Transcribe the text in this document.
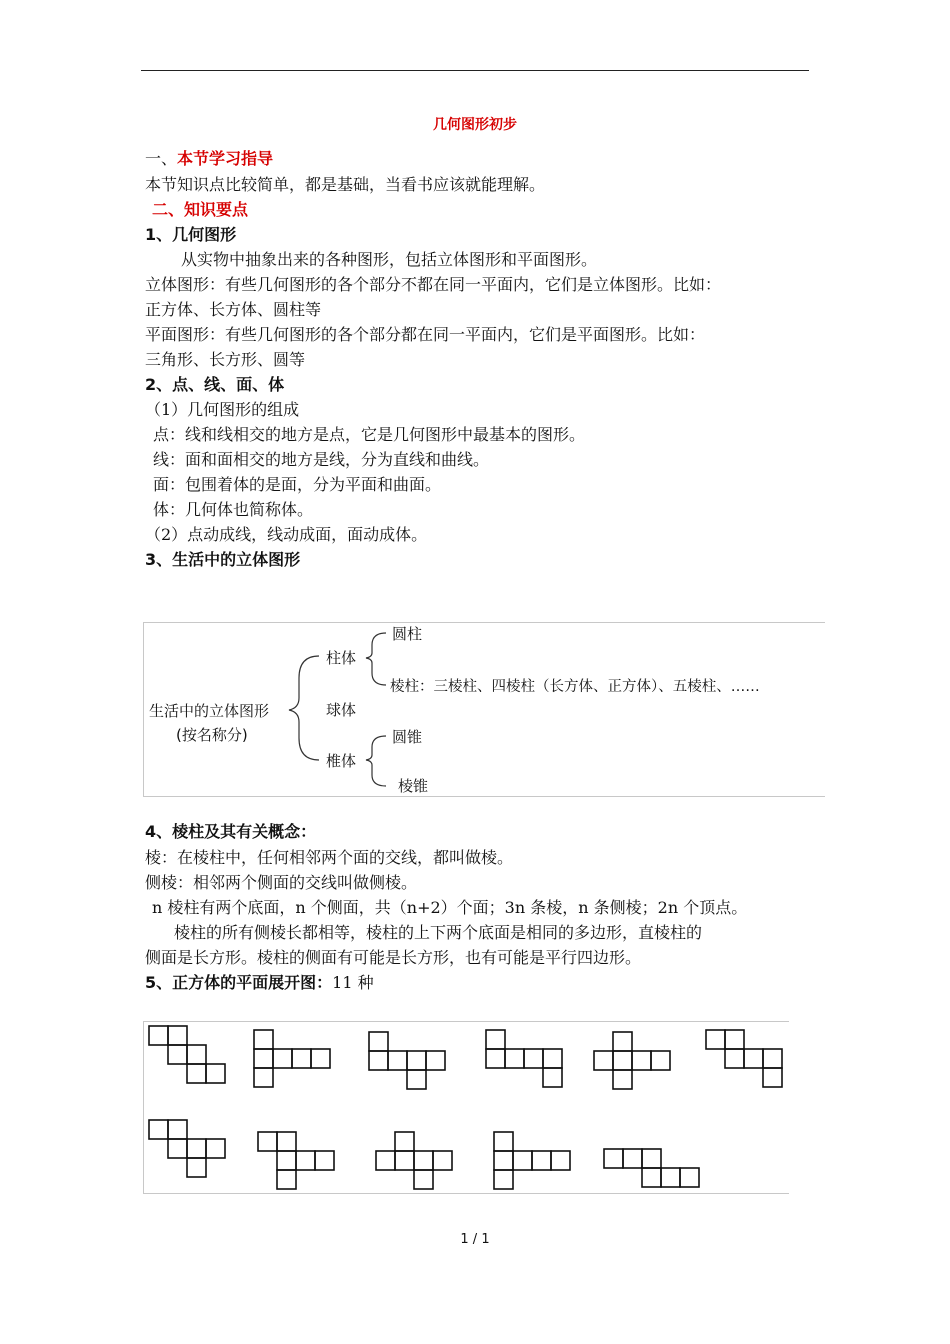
几何图形初步
一、本节学习指导
本节知识点比较简单，都是基础，当看书应该就能理解。
二、知识要点
1、几何图形
从实物中抽象出来的各种图形，包括立体图形和平面图形。
立体图形：有些几何图形的各个部分不都在同一平面内，它们是立体图形。比如：
正方体、长方体、圆柱等
平面图形：有些几何图形的各个部分都在同一平面内，它们是平面图形。比如：
三角形、长方形、圆等
2、点、线、面、体
（1）几何图形的组成
点：线和线相交的地方是点，它是几何图形中最基本的图形。
线：面和面相交的地方是线，分为直线和曲线。
面：包围着体的是面，分为平面和曲面。
体：几何体也简称体。
（2）点动成线，线动成面，面动成体。
3、生活中的立体图形
生活中的立体图形
(按名称分)
柱体
球体
椎体
圆柱
棱柱：三棱柱、四棱柱（长方体、正方体）、五棱柱、……
圆锥
棱锥
4、棱柱及其有关概念：
棱：在棱柱中，任何相邻两个面的交线，都叫做棱。
侧棱：相邻两个侧面的交线叫做侧棱。
n 棱柱有两个底面，n 个侧面，共（n+2）个面；3n 条棱，n 条侧棱；2n 个顶点。
棱柱的所有侧棱长都相等，棱柱的上下两个底面是相同的多边形，直棱柱的
侧面是长方形。棱柱的侧面有可能是长方形，也有可能是平行四边形。
5、正方体的平面展开图：11 种
1 / 1
